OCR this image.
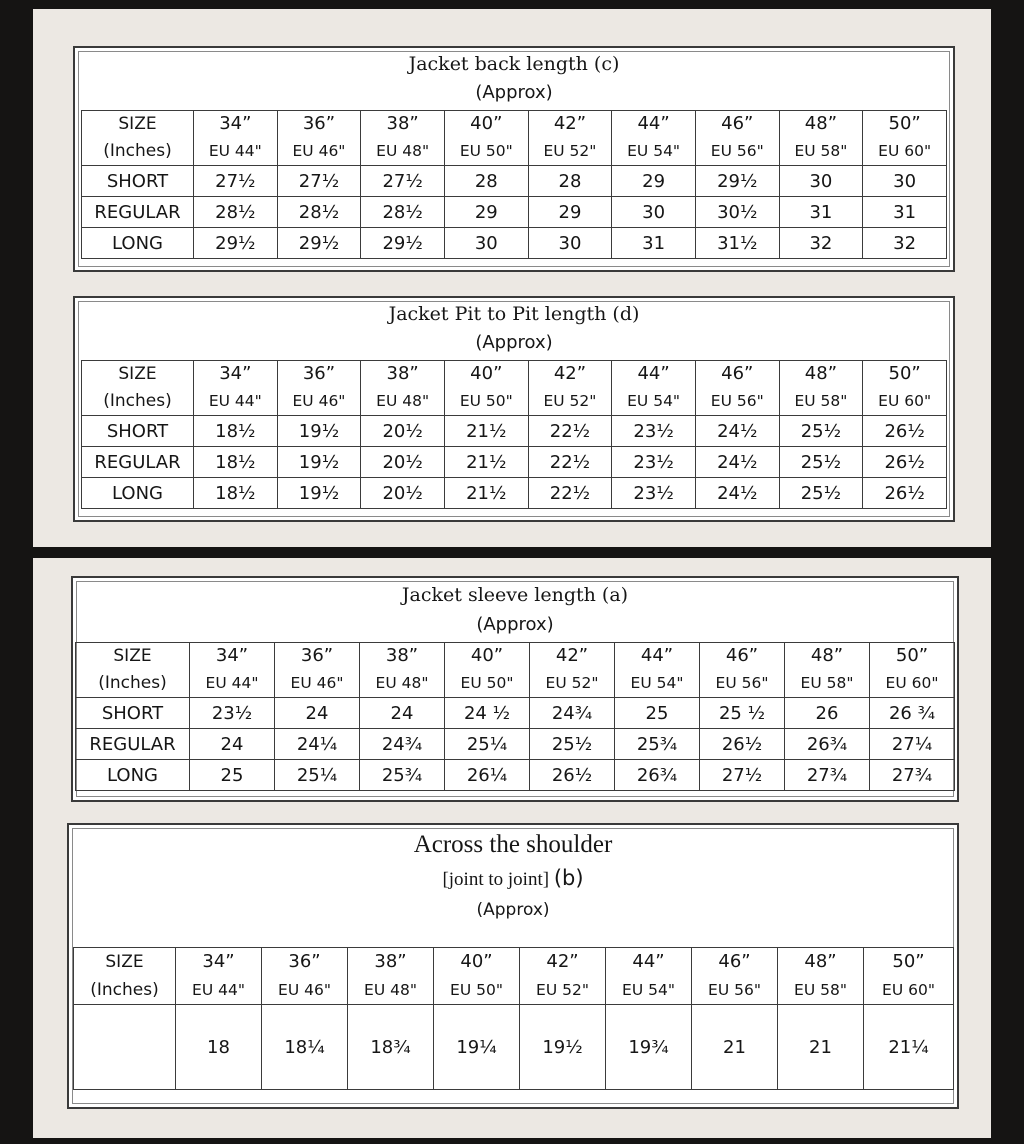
Jacket back length (c)
(Approx)
SIZE	34”	36”	38”	40”	42”	44”	46”	48”	50”
(Inches)	EU 44"	EU 46"	EU 48"	EU 50"	EU 52"	EU 54"	EU 56"	EU 58"	EU 60"
SHORT	27½	27½	27½	28	28	29	29½	30	30
REGULAR	28½	28½	28½	29	29	30	30½	31	31
LONG	29½	29½	29½	30	30	31	31½	32	32
Jacket Pit to Pit length (d)
(Approx)
SIZE	34”	36”	38”	40”	42”	44”	46”	48”	50”
(Inches)	EU 44"	EU 46"	EU 48"	EU 50"	EU 52"	EU 54"	EU 56"	EU 58"	EU 60"
SHORT	18½	19½	20½	21½	22½	23½	24½	25½	26½
REGULAR	18½	19½	20½	21½	22½	23½	24½	25½	26½
LONG	18½	19½	20½	21½	22½	23½	24½	25½	26½
Jacket sleeve length (a)
(Approx)
SIZE	34”	36”	38”	40”	42”	44”	46”	48”	50”
(Inches)	EU 44"	EU 46"	EU 48"	EU 50"	EU 52"	EU 54"	EU 56"	EU 58"	EU 60"
SHORT	23½	24	24	24 ½	24¾	25	25 ½	26	26 ¾
REGULAR	24	24¼	24¾	25¼	25½	25¾	26½	26¾	27¼
LONG	25	25¼	25¾	26¼	26½	26¾	27½	27¾	27¾
Across the shoulder
[joint to joint] (b)
(Approx)
SIZE	34”	36”	38”	40”	42”	44”	46”	48”	50”
(Inches)	EU 44"	EU 46"	EU 48"	EU 50"	EU 52"	EU 54"	EU 56"	EU 58"	EU 60"
	18	18¼	18¾	19¼	19½	19¾	21	21	21¼
